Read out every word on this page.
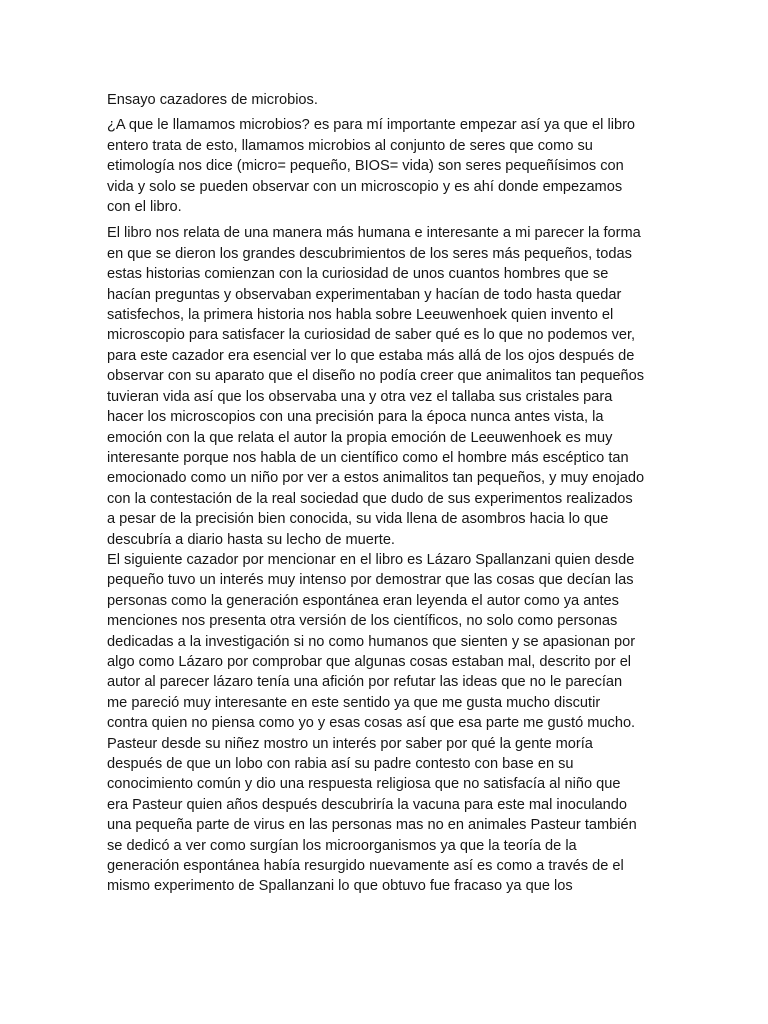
Ensayo cazadores de microbios.
¿A que le llamamos microbios? es para mí importante empezar así ya que el libro
entero trata de esto, llamamos microbios al conjunto de seres que como su
etimología nos dice (micro= pequeño, BIOS= vida) son seres pequeñísimos con
vida y solo se pueden observar con un microscopio y es ahí donde empezamos
con el libro.
El libro nos relata de una manera más humana e interesante a mi parecer la forma
en que se dieron los grandes descubrimientos de los seres más pequeños, todas
estas historias comienzan con la curiosidad de unos cuantos hombres que se
hacían preguntas y observaban experimentaban y hacían de todo hasta quedar
satisfechos, la primera historia nos habla sobre Leeuwenhoek quien invento el
microscopio para satisfacer la curiosidad de saber qué es lo que no podemos ver,
para este cazador era esencial ver lo que estaba más allá de los ojos después de
observar con su aparato que el diseño no podía creer que animalitos tan pequeños
tuvieran vida así que los observaba una y otra vez el tallaba sus cristales para
hacer los microscopios con una precisión para la época nunca antes vista, la
emoción con la que relata el autor la propia emoción de Leeuwenhoek es muy
interesante porque nos habla de un científico como el hombre más escéptico tan
emocionado como un niño por ver a estos animalitos tan pequeños, y muy enojado
con la contestación de la real sociedad que dudo de sus experimentos realizados
a pesar de la precisión bien conocida, su vida llena de asombros hacia lo que
descubría a diario hasta su lecho de muerte.
El siguiente cazador por mencionar en el libro es Lázaro Spallanzani quien desde
pequeño tuvo un interés muy intenso por demostrar que las cosas que decían las
personas como la generación espontánea eran leyenda el autor como ya antes
menciones nos presenta otra versión de los científicos, no solo como personas
dedicadas a la investigación si no como humanos que sienten y se apasionan por
algo como Lázaro por comprobar que algunas cosas estaban mal, descrito por el
autor al parecer lázaro tenía una afición por refutar las ideas que no le parecían
me pareció muy interesante en este sentido ya que me gusta mucho discutir
contra quien no piensa como yo y esas cosas así que esa parte me gustó mucho.
Pasteur desde su niñez mostro un interés por saber por qué la gente moría
después de que un lobo con rabia así su padre contesto con base en su
conocimiento común y dio una respuesta religiosa que no satisfacía al niño que
era Pasteur quien años después descubriría la vacuna para este mal inoculando
una pequeña parte de virus en las personas mas no en animales Pasteur también
se dedicó a ver como surgían los microorganismos ya que la teoría de la
generación espontánea había resurgido nuevamente así es como a través de el
mismo experimento de Spallanzani lo que obtuvo fue fracaso ya que los
